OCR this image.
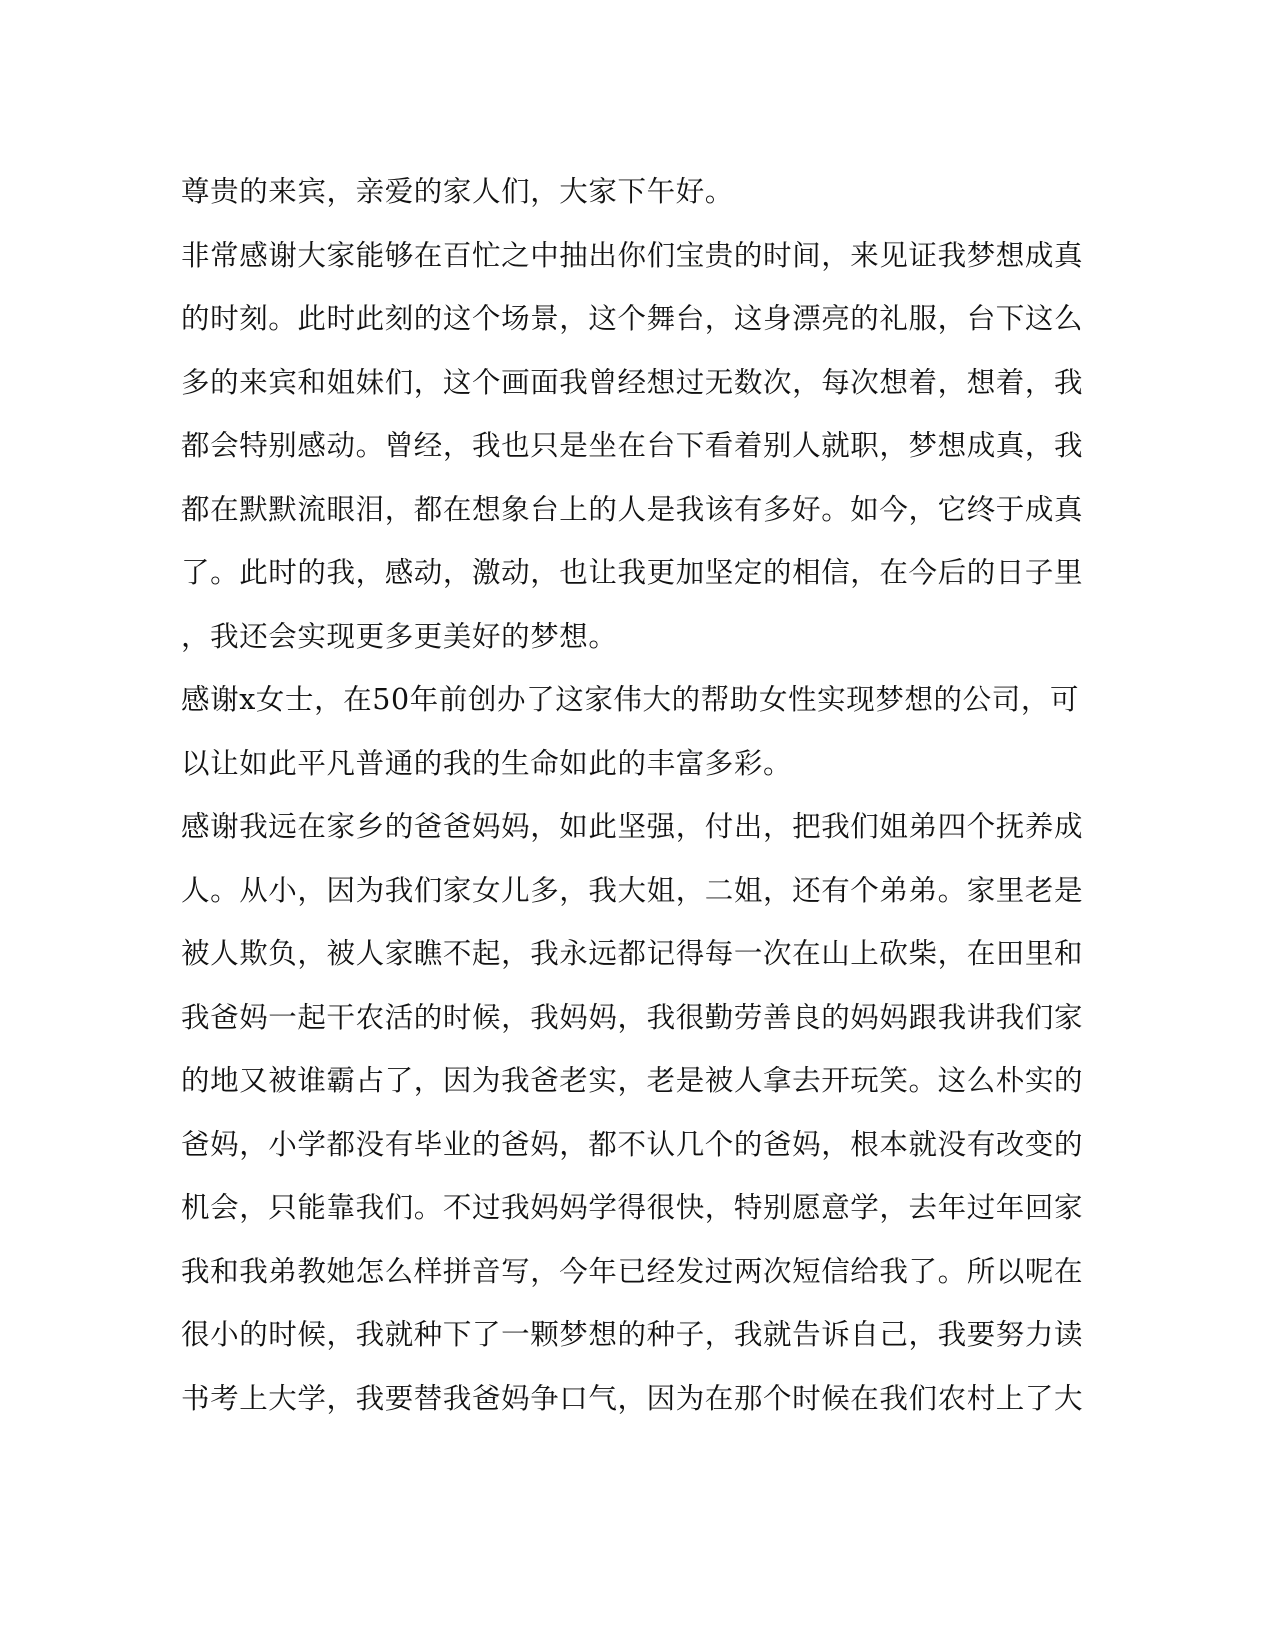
尊贵的来宾，亲爱的家人们，大家下午好。
非常感谢大家能够在百忙之中抽出你们宝贵的时间，来见证我梦想成真
的时刻。此时此刻的这个场景，这个舞台，这身漂亮的礼服，台下这么
多的来宾和姐妹们，这个画面我曾经想过无数次，每次想着，想着，我
都会特别感动。曾经，我也只是坐在台下看着别人就职，梦想成真，我
都在默默流眼泪，都在想象台上的人是我该有多好。如今，它终于成真
了。此时的我，感动，激动，也让我更加坚定的相信，在今后的日子里
，我还会实现更多更美好的梦想。
感谢x女士，在50年前创办了这家伟大的帮助女性实现梦想的公司，可
以让如此平凡普通的我的生命如此的丰富多彩。
感谢我远在家乡的爸爸妈妈，如此坚强，付出，把我们姐弟四个抚养成
人。从小，因为我们家女儿多，我大姐，二姐，还有个弟弟。家里老是
被人欺负，被人家瞧不起，我永远都记得每一次在山上砍柴，在田里和
我爸妈一起干农活的时候，我妈妈，我很勤劳善良的妈妈跟我讲我们家
的地又被谁霸占了，因为我爸老实，老是被人拿去开玩笑。这么朴实的
爸妈，小学都没有毕业的爸妈，都不认几个的爸妈，根本就没有改变的
机会，只能靠我们。不过我妈妈学得很快，特别愿意学，去年过年回家
我和我弟教她怎么样拼音写，今年已经发过两次短信给我了。所以呢在
很小的时候，我就种下了一颗梦想的种子，我就告诉自己，我要努力读
书考上大学，我要替我爸妈争口气，因为在那个时候在我们农村上了大
